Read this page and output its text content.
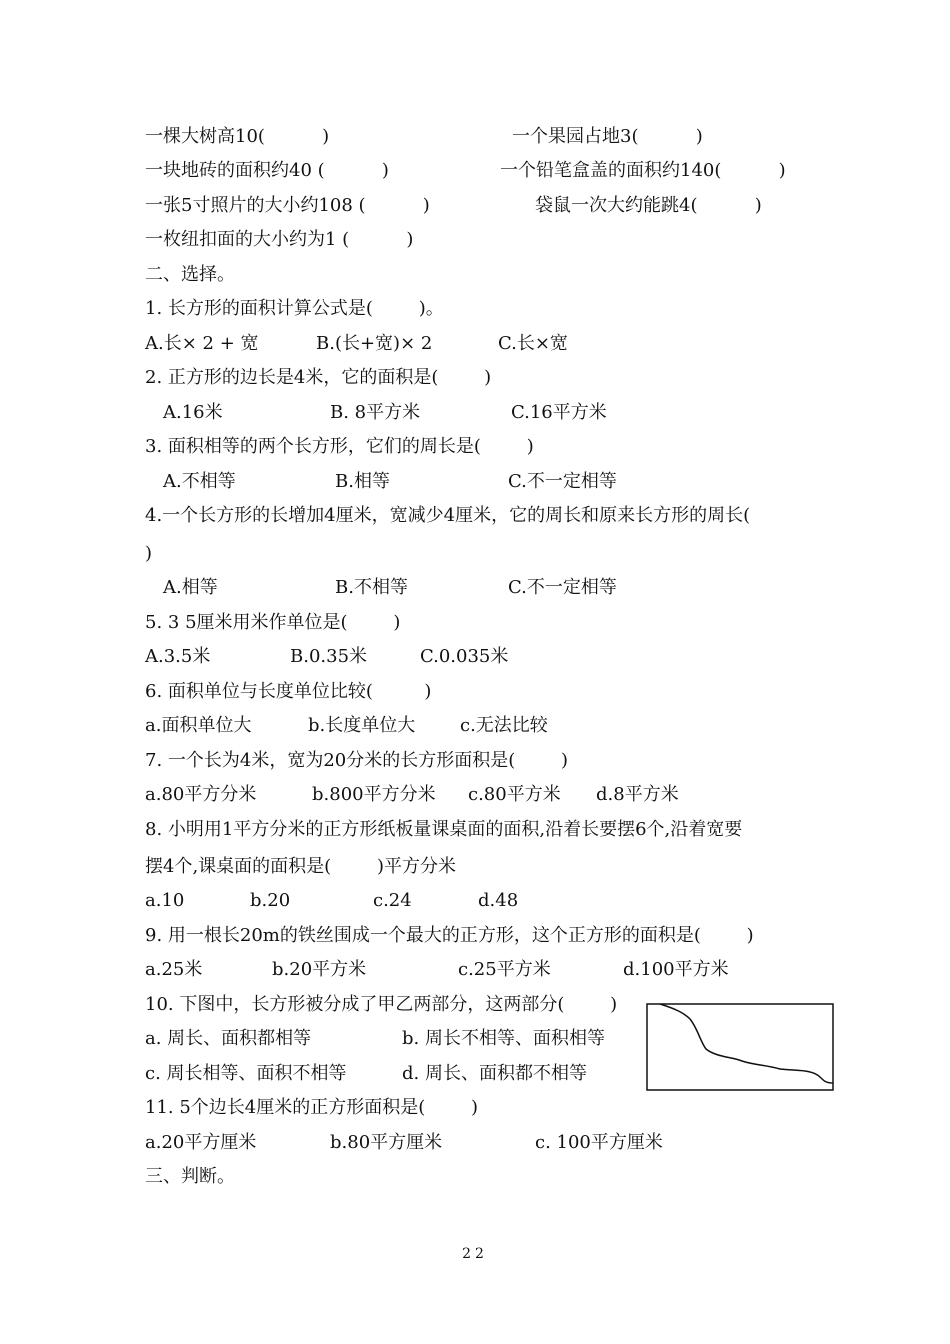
一棵大树高10(          )	一个果园占地3(          )
一块地砖的面积约40 (          )	一个铅笔盒盖的面积约140(          )
一张5寸照片的大小约108 (          )	袋鼠一次大约能跳4(          )
一枚纽扣面的大小约为1 (          )
二、选择。
1. 长方形的面积计算公式是(        )。
A.长× 2 + 宽	B.(长+宽)× 2	C.长×宽
2. 正方形的边长是4米，它的面积是(        )
A.16米	B. 8平方米	C.16平方米
3. 面积相等的两个长方形，它们的周长是(        )
A.不相等	B.相等	C.不一定相等
4.一个长方形的长增加4厘米，宽减少4厘米，它的周长和原来长方形的周长(
)
A.相等	B.不相等	C.不一定相等
5. 3 5厘米用米作单位是(        )
A.3.5米	B.0.35米	C.0.035米
6. 面积单位与长度单位比较(         )
a.面积单位大	b.长度单位大 c.无法比较
7. 一个长为4米，宽为20分米的长方形面积是(        )
a.80平方分米	b.800平方分米 c.80平方米 d.8平方米
8. 小明用1平方分米的正方形纸板量课桌面的面积,沿着长要摆6个,沿着宽要
摆4个,课桌面的面积是(        )平方分米
a.10	b.20	c.24	d.48
9. 用一根长20m的铁丝围成一个最大的正方形，这个正方形的面积是(        )
a.25米	b.20平方米	c.25平方米	d.100平方米
10. 下图中，长方形被分成了甲乙两部分，这两部分(        )
a. 周长、面积都相等	b. 周长不相等、面积相等
c. 周长相等、面积不相等	d. 周长、面积都不相等
11. 5个边长4厘米的正方形面积是(        )
a.20平方厘米	b.80平方厘米	c. 100平方厘米
三、判断。
22
